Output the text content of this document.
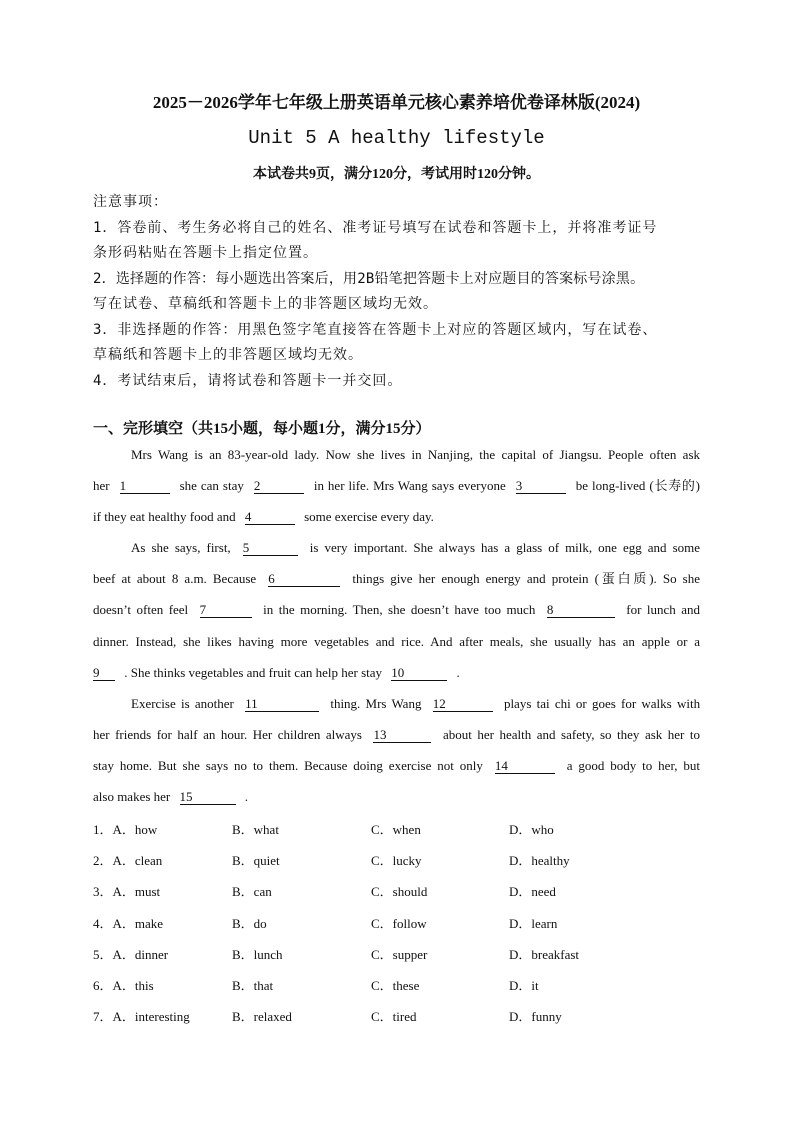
2025－2026学年七年级上册英语单元核心素养培优卷译林版(2024)
Unit 5 A healthy lifestyle
本试卷共9页，满分120分，考试用时120分钟。
注意事项：
1．答卷前、考生务必将自己的姓名、准考证号填写在试卷和答题卡上，并将准考证号
条形码粘贴在答题卡上指定位置。
2．选择题的作答：每小题选出答案后，用2B铅笔把答题卡上对应题目的答案标号涂黑。
写在试卷、草稿纸和答题卡上的非答题区域均无效。
3．非选择题的作答：用黑色签字笔直接答在答题卡上对应的答题区域内，写在试卷、
草稿纸和答题卡上的非答题区域均无效。
4．考试结束后，请将试卷和答题卡一并交回。
一、完形填空（共15小题，每小题1分，满分15分）
Mrs Wang is an 83-year-old lady. Now she lives in Nanjing, the capital of Jiangsu. People often ask
her 1	she can stay 2	in her life. Mrs Wang says everyone 3	be long-lived (长寿的)
if they eat healthy food and 4	some exercise every day.
As she says, first, 5	is very important. She always has a glass of milk, one egg and some
beef at about 8 a.m. Because 6	things give her enough energy and protein (蛋白质). So she
doesn’t often feel 7	in the morning. Then, she doesn’t have too much 8	for lunch and
dinner. Instead, she likes having more vegetables and rice. And after meals, she usually has an apple or a
9 . She thinks vegetables and fruit can help her stay 10	.
Exercise is another 11	thing. Mrs Wang 12	plays tai chi or goes for walks with
her friends for half an hour. Her children always 13	about her health and safety, so they ask her to
stay home. But she says no to them. Because doing exercise not only 14	a good body to her, but
also makes her 15	.
1．A．how	B．what	C．when	D．who
2．A．clean	B．quiet	C．lucky	D．healthy
3．A．must	B．can	C．should	D．need
4．A．make	B．do	C．follow	D．learn
5．A．dinner	B．lunch	C．supper	D．breakfast
6．A．this	B．that	C．these	D．it
7．A．interesting	B．relaxed	C．tired	D．funny
